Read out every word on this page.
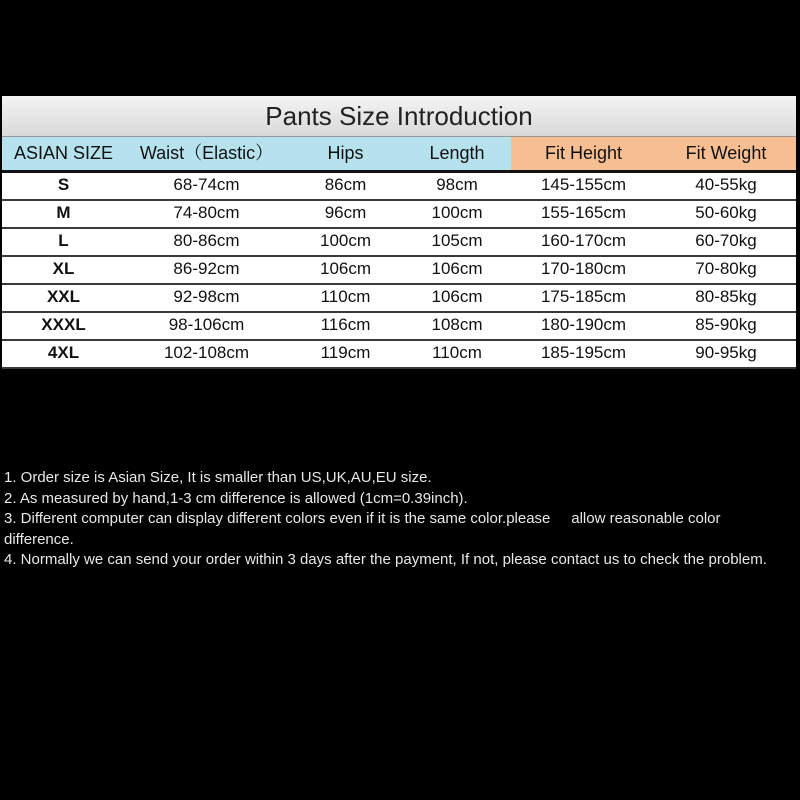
Pants Size Introduction
ASIAN SIZE	Waist（Elastic）	Hips	Length	Fit Height	Fit Weight
S	68-74cm	86cm	98cm	145-155cm	40-55kg
M	74-80cm	96cm	100cm	155-165cm	50-60kg
L	80-86cm	100cm	105cm	160-170cm	60-70kg
XL	86-92cm	106cm	106cm	170-180cm	70-80kg
XXL	92-98cm	110cm	106cm	175-185cm	80-85kg
XXXL	98-106cm	116cm	108cm	180-190cm	85-90kg
4XL	102-108cm	119cm	110cm	185-195cm	90-95kg

1. Order size is Asian Size, It is smaller than US,UK,AU,EU size.

2. As measured by hand,1-3 cm difference is allowed (1cm=0.39inch).

3. Different computer can display different colors even if it is the same color.please     allow reasonable color difference.

4. Normally we can send your order within 3 days after the payment, If not, please contact us to check the problem.
